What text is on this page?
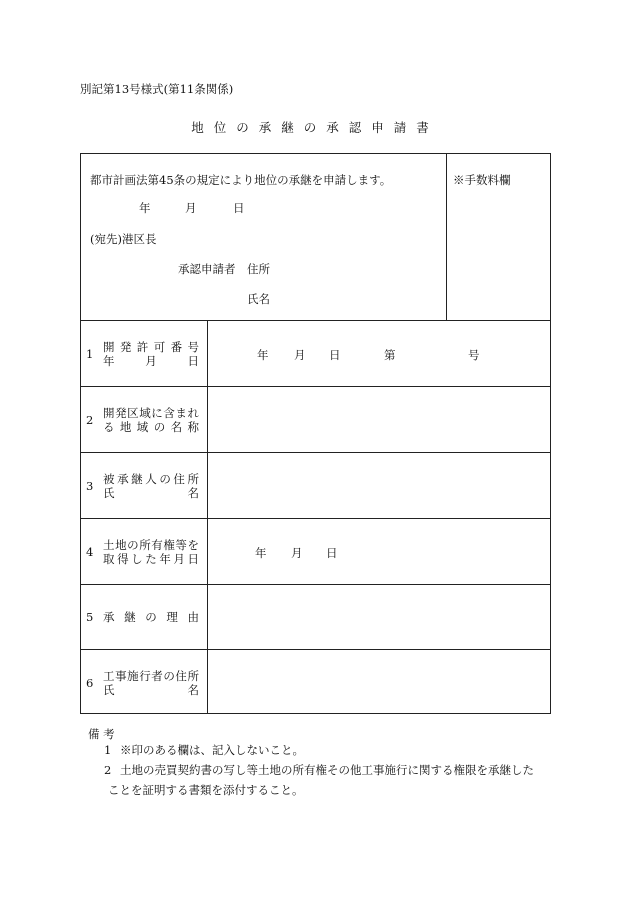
別記第13号様式(第11条関係)
地位の承継の承認申請書
都市計画法第45条の規定により地位の承継を申請します。
年	月	日
(宛先)港区長
承認申請者 住所
氏名
※手数料欄
1 開発許可番号
年月日	年 月 日	第	号
2 開発区域に含まれ
る地域の名称
3 被承継人の住所
氏名
4 土地の所有権等を
取得した年月日	年 月 日
5 承継の理由
6 工事施行者の住所
氏名
備 考
1 ※印のある欄は、記入しないこと。
2 土地の売買契約書の写し等土地の所有権その他工事施行に関する権限を承継した
ことを証明する書類を添付すること。
